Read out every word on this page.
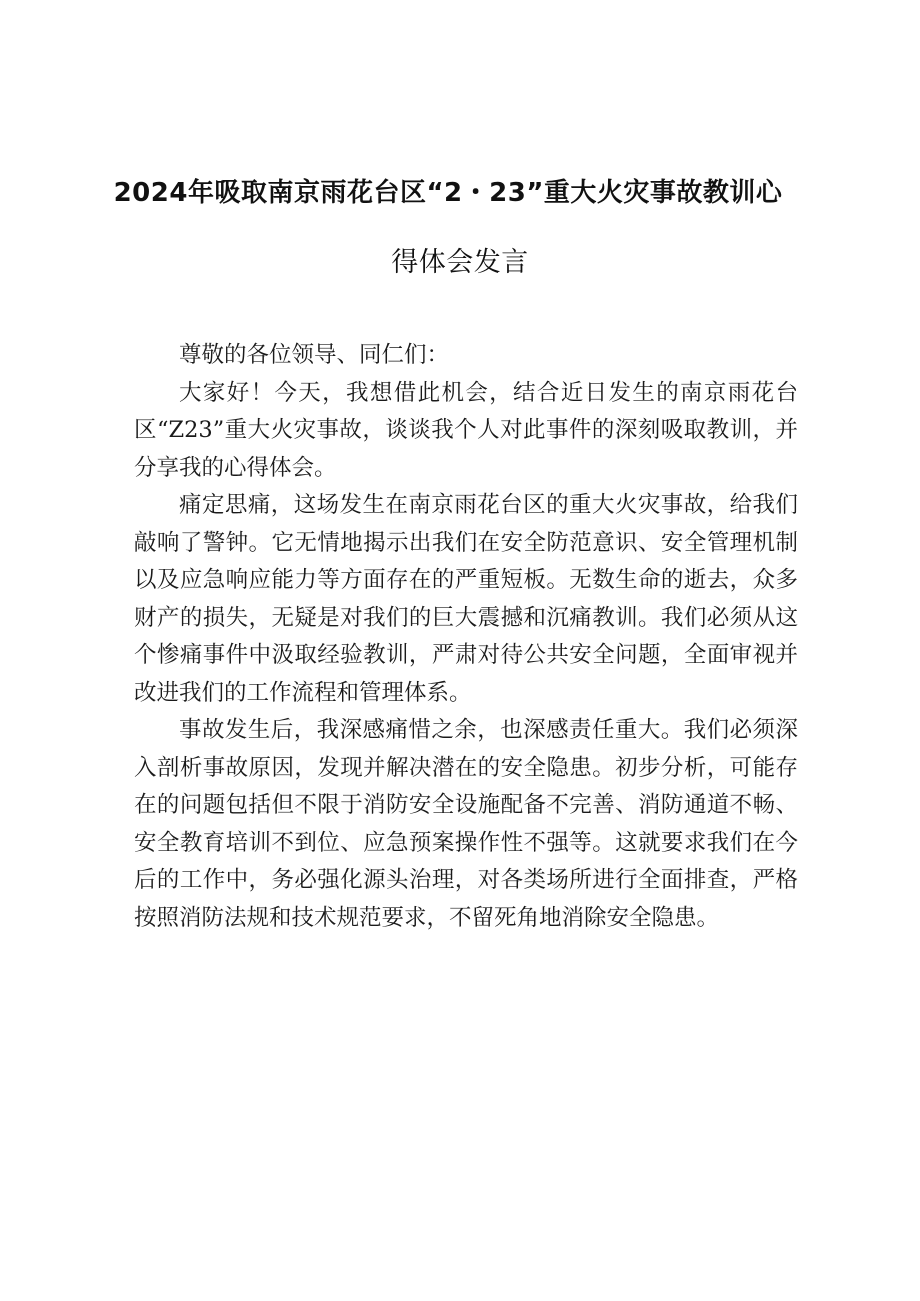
2024年吸取南京雨花台区“2・23”重大火灾事故教训心
得体会发言

尊敬的各位领导、同仁们：

大家好！今天，我想借此机会，结合近日发生的南京雨花台区“Z23”重大火灾事故，谈谈我个人对此事件的深刻吸取教训，并分享我的心得体会。

痛定思痛，这场发生在南京雨花台区的重大火灾事故，给我们敲响了警钟。它无情地揭示出我们在安全防范意识、安全管理机制以及应急响应能力等方面存在的严重短板。无数生命的逝去，众多财产的损失，无疑是对我们的巨大震撼和沉痛教训。我们必须从这个惨痛事件中汲取经验教训，严肃对待公共安全问题，全面审视并改进我们的工作流程和管理体系。

事故发生后，我深感痛惜之余，也深感责任重大。我们必须深入剖析事故原因，发现并解决潜在的安全隐患。初步分析，可能存在的问题包括但不限于消防安全设施配备不完善、消防通道不畅、安全教育培训不到位、应急预案操作性不强等。这就要求我们在今后的工作中，务必强化源头治理，对各类场所进行全面排查，严格按照消防法规和技术规范要求，不留死角地消除安全隐患。
